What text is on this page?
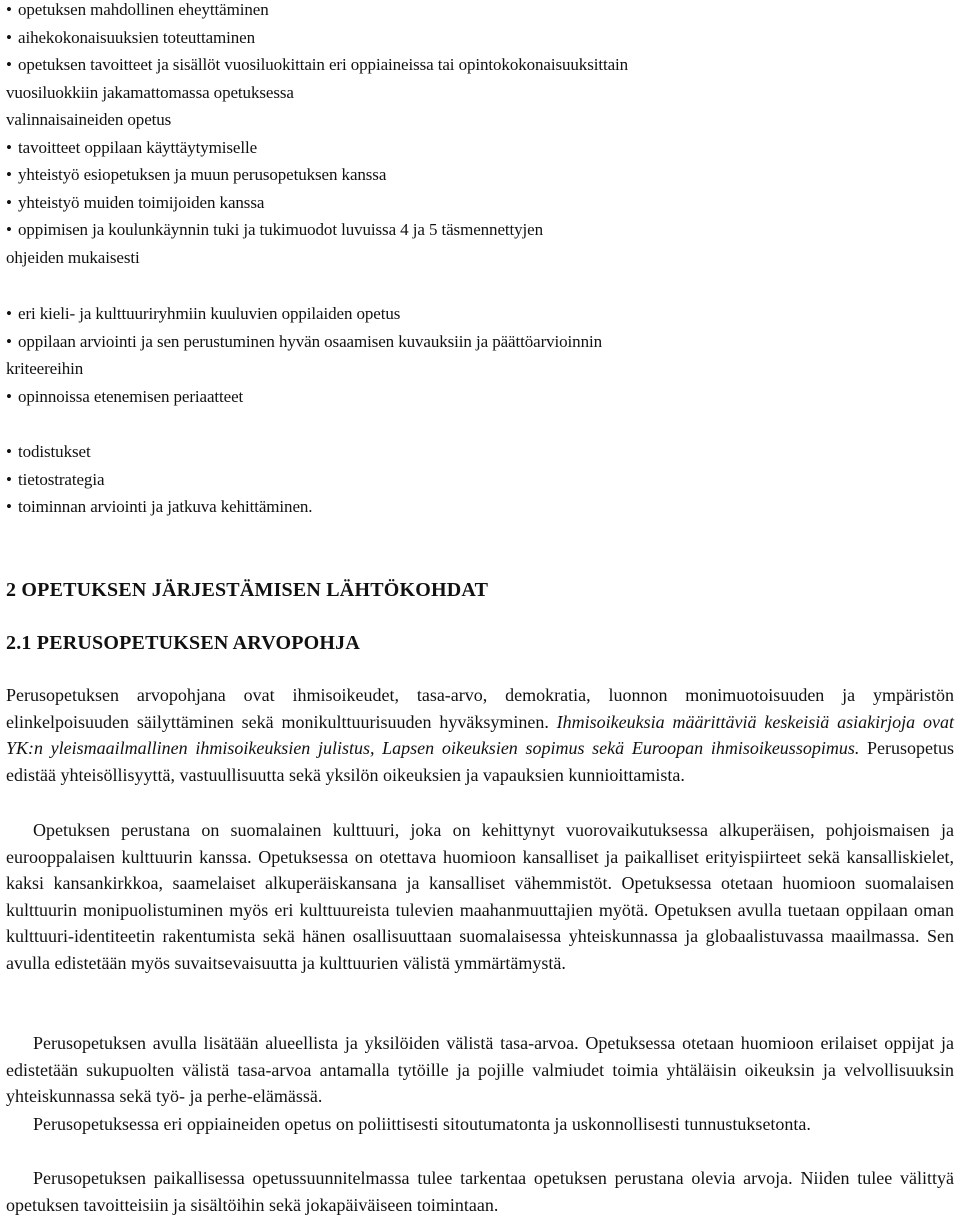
• opetuksen mahdollinen eheyttäminen
• aihekokonaisuuksien toteuttaminen
• opetuksen tavoitteet ja sisällöt vuosiluokittain eri oppiaineissa tai opintokokonaisuuksittain
vuosiluokkiin jakamattomassa opetuksessa
valinnaisaineiden opetus
• tavoitteet oppilaan käyttäytymiselle
• yhteistyö esiopetuksen ja muun perusopetuksen kanssa
• yhteistyö muiden toimijoiden kanssa
• oppimisen ja koulunkäynnin tuki ja tukimuodot luvuissa 4 ja 5 täsmennettyjen
ohjeiden mukaisesti
• eri kieli- ja kulttuuriryhmiin kuuluvien oppilaiden opetus
• oppilaan arviointi ja sen perustuminen hyvän osaamisen kuvauksiin ja päättöarvioinnin
kriteereihin
• opinnoissa etenemisen periaatteet
• todistukset
• tietostrategia
• toiminnan arviointi ja jatkuva kehittäminen.
2 OPETUKSEN JÄRJESTÄMISEN LÄHTÖKOHDAT
2.1 PERUSOPETUKSEN ARVOPOHJA
Perusopetuksen arvopohjana ovat ihmisoikeudet, tasa-arvo, demokratia, luonnon monimuotoisuuden ja ympäristön elinkelpoisuuden säilyttäminen sekä monikulttuurisuuden hyväksyminen. Ihmisoikeuksia määrittäviä keskeisiä asiakirjoja ovat YK:n yleismaailmallinen ihmisoikeuksien julistus, Lapsen oikeuksien sopimus sekä Euroopan ihmisoikeussopimus. Perusopetus edistää yhteisöllisyyttä, vastuullisuutta sekä yksilön oikeuksien ja vapauksien kunnioittamista.
Opetuksen perustana on suomalainen kulttuuri, joka on kehittynyt vuorovaikutuksessa alkuperäisen, pohjoismaisen ja eurooppalaisen kulttuurin kanssa. Opetuksessa on otettava huomioon kansalliset ja paikalliset erityispiirteet sekä kansalliskielet, kaksi kansankirkkoa, saamelaiset alkuperäiskansana ja kansalliset vähemmistöt. Opetuksessa otetaan huomioon suomalaisen kulttuurin monipuolistuminen myös eri kulttuureista tulevien maahanmuuttajien myötä. Opetuksen avulla tuetaan oppilaan oman kulttuuri-identiteetin rakentumista sekä hänen osallisuuttaan suomalaisessa yhteiskunnassa ja globaalistuvassa maailmassa. Sen avulla edistetään myös suvaitsevaisuutta ja kulttuurien välistä ymmärtämystä.
Perusopetuksen avulla lisätään alueellista ja yksilöiden välistä tasa-arvoa. Opetuksessa otetaan huomioon erilaiset oppijat ja edistetään sukupuolten välistä tasa-arvoa antamalla tytöille ja pojille valmiudet toimia yhtäläisin oikeuksin ja velvollisuuksin yhteiskunnassa sekä työ- ja perhe-elämässä.
Perusopetuksessa eri oppiaineiden opetus on poliittisesti sitoutumatonta ja uskonnollisesti tunnustuksetonta.
Perusopetuksen paikallisessa opetussuunnitelmassa tulee tarkentaa opetuksen perustana olevia arvoja. Niiden tulee välittyä opetuksen tavoitteisiin ja sisältöihin sekä jokapäiväiseen toimintaan.
